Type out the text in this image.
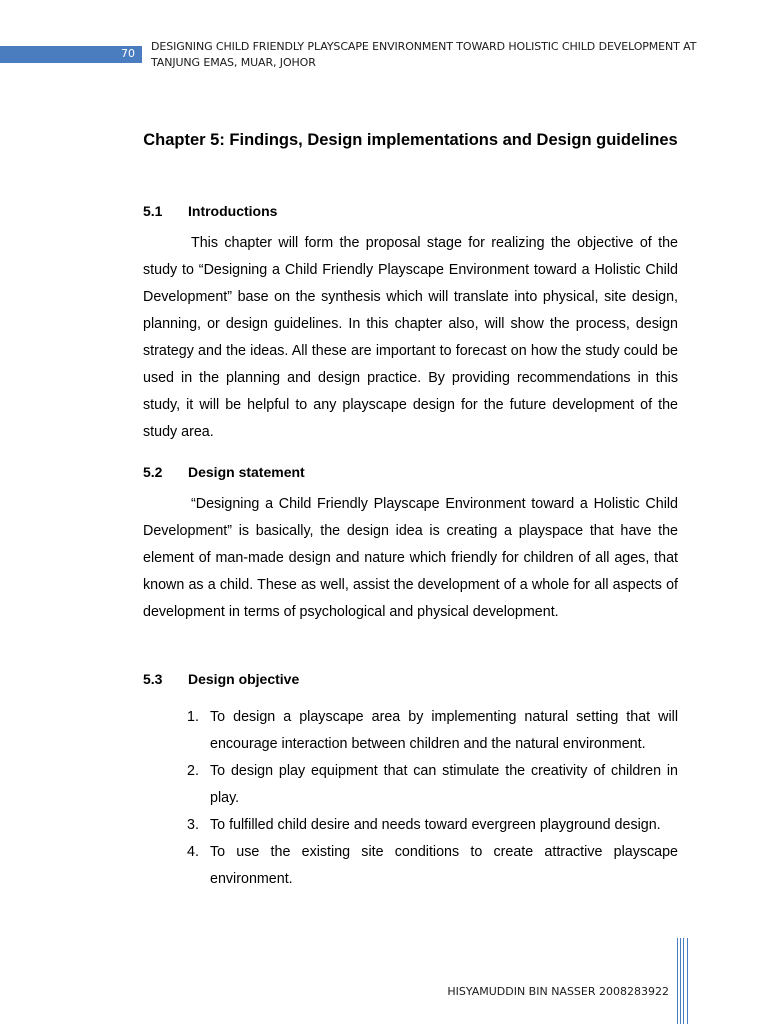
70
DESIGNING CHILD FRIENDLY PLAYSCAPE ENVIRONMENT TOWARD HOLISTIC CHILD DEVELOPMENT AT TANJUNG EMAS, MUAR, JOHOR
Chapter 5: Findings, Design implementations and Design guidelines
5.1 Introductions
This chapter will form the proposal stage for realizing the objective of the study to “Designing a Child Friendly Playscape Environment toward a Holistic Child Development” base on the synthesis which will translate into physical, site design, planning, or design guidelines. In this chapter also, will show the process, design strategy and the ideas. All these are important to forecast on how the study could be used in the planning and design practice. By providing recommendations in this study, it will be helpful to any playscape design for the future development of the study area.
5.2 Design statement
“Designing a Child Friendly Playscape Environment toward a Holistic Child Development” is basically, the design idea is creating a playspace that have the element of man-made design and nature which friendly for children of all ages, that known as a child. These as well, assist the development of a whole for all aspects of development in terms of psychological and physical development.
5.3 Design objective
1. To design a playscape area by implementing natural setting that will encourage interaction between children and the natural environment.
2. To design play equipment that can stimulate the creativity of children in play.
3. To fulfilled child desire and needs toward evergreen playground design.
4. To use the existing site conditions to create attractive playscape environment.
HISYAMUDDIN BIN NASSER 2008283922
